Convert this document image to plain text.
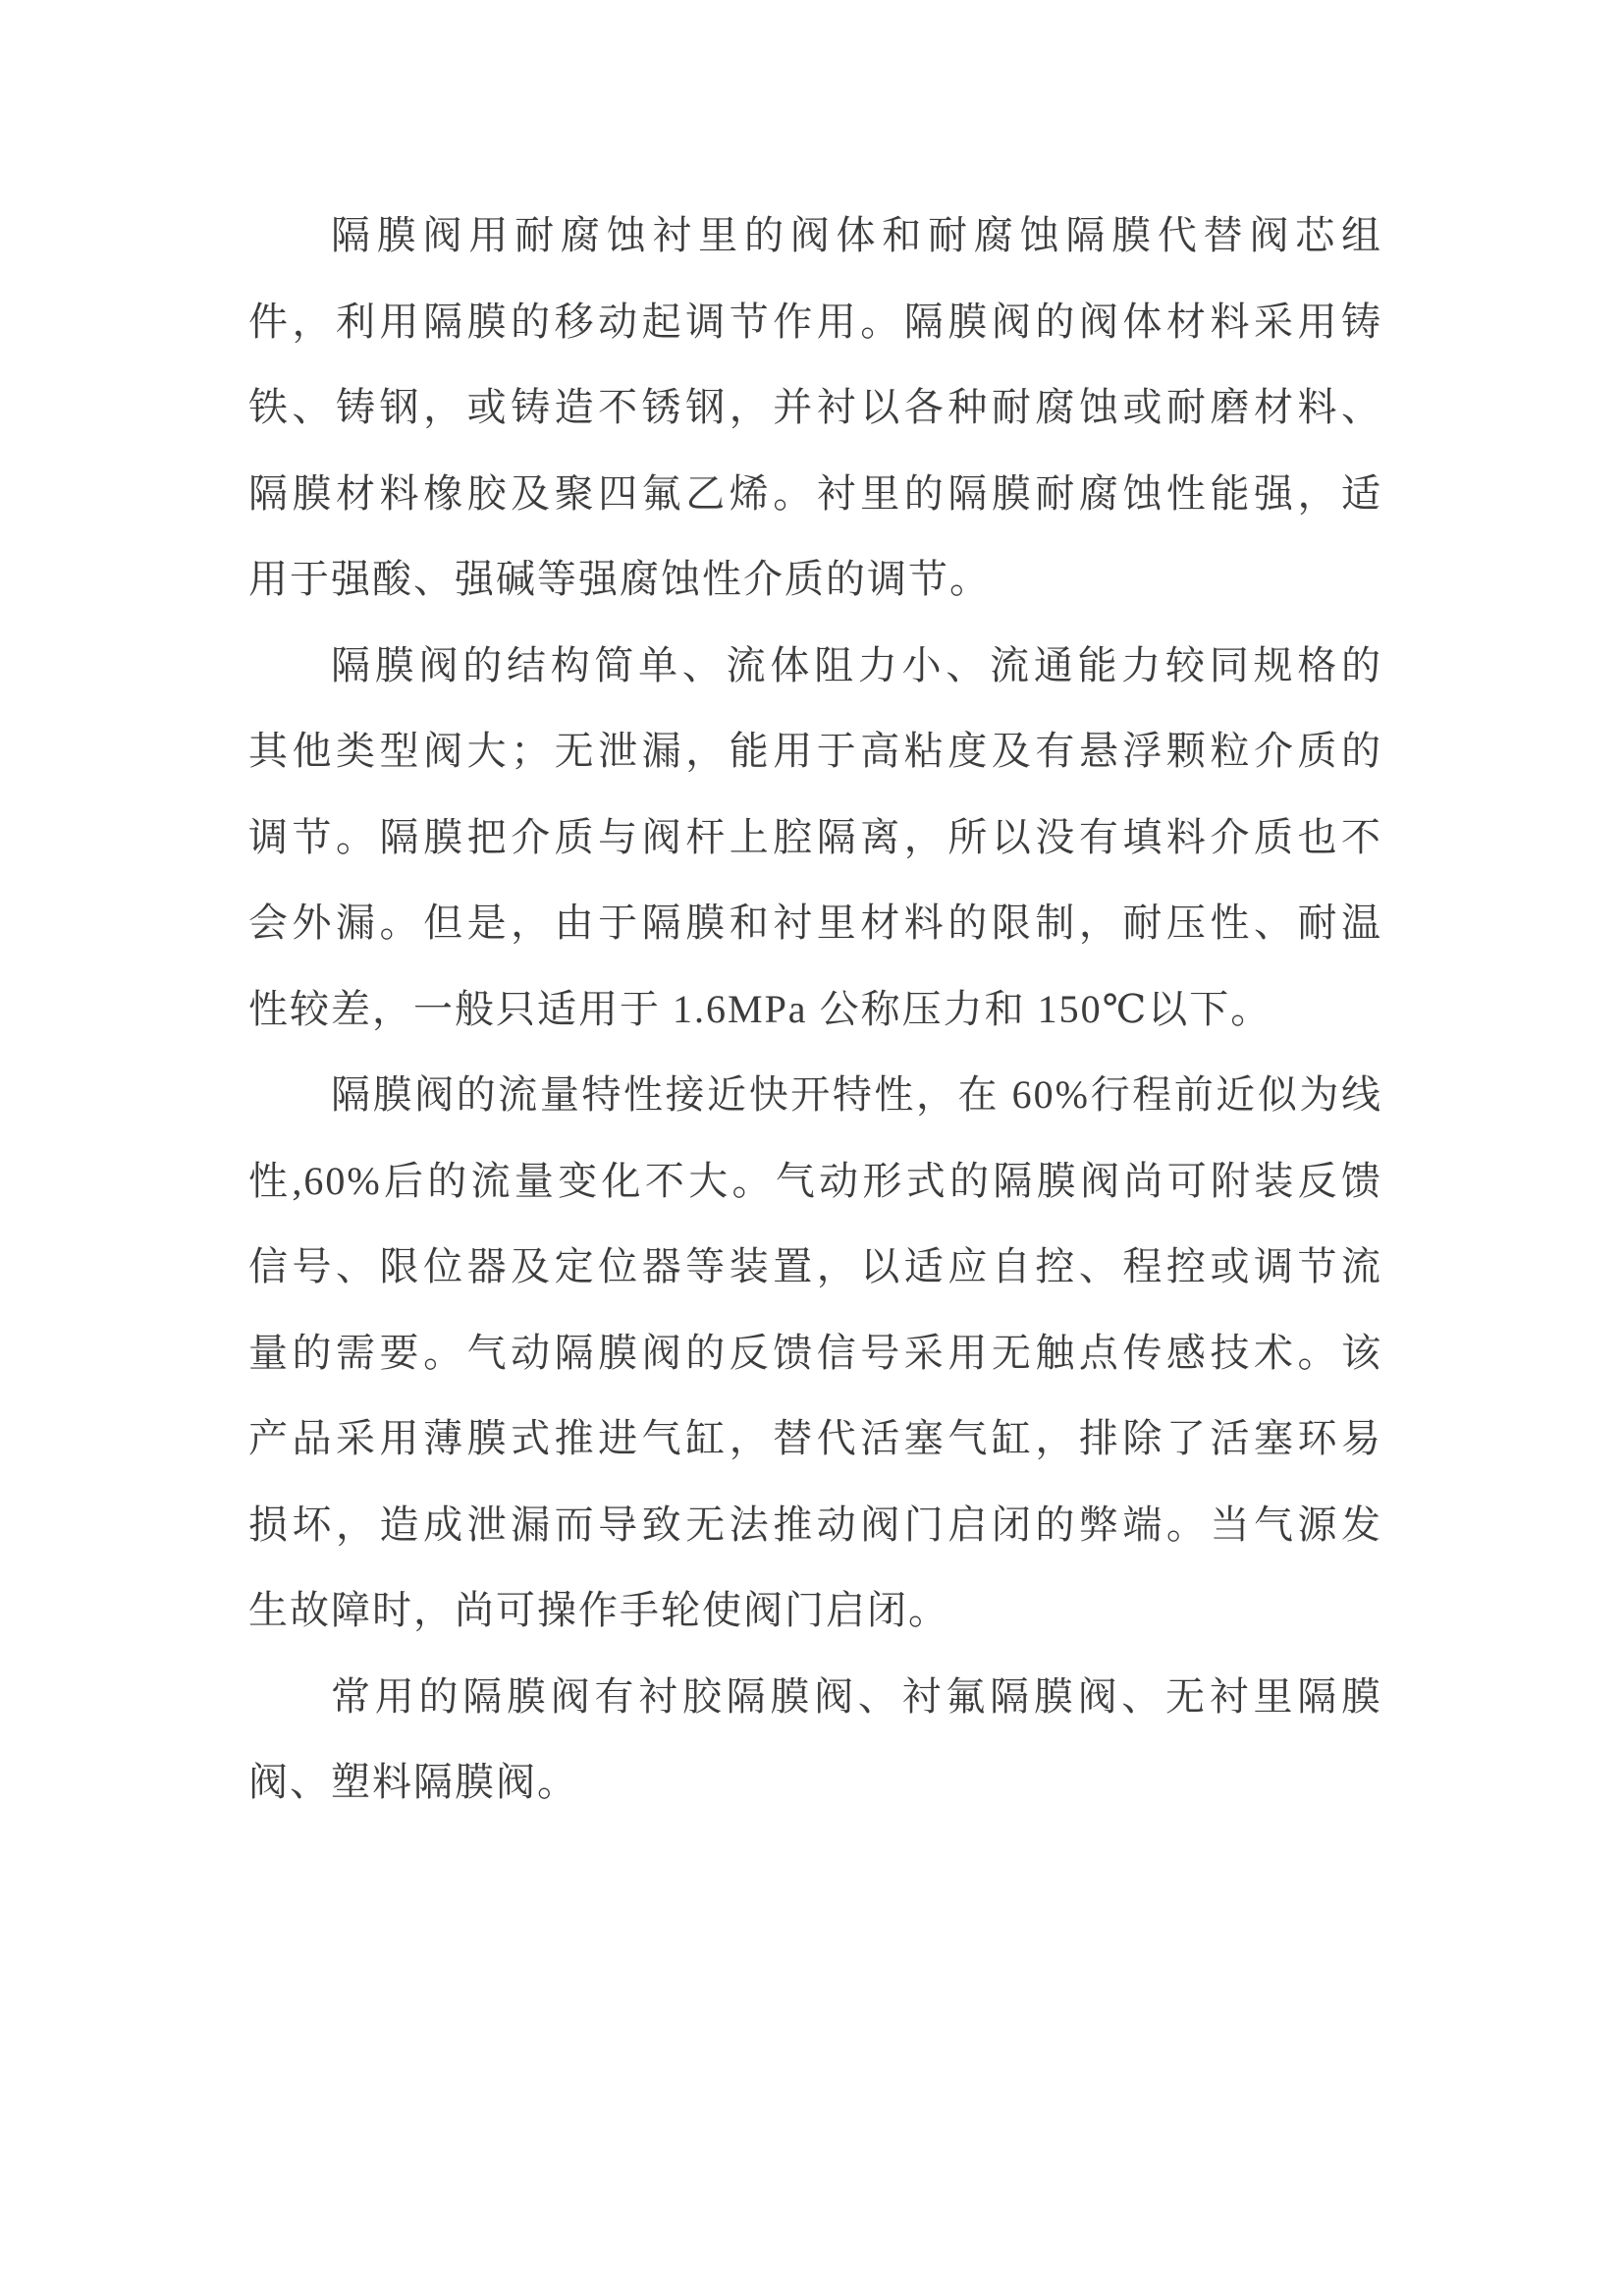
隔膜阀用耐腐蚀衬里的阀体和耐腐蚀隔膜代替阀芯组
件，利用隔膜的移动起调节作用。隔膜阀的阀体材料采用铸
铁、铸钢，或铸造不锈钢，并衬以各种耐腐蚀或耐磨材料、
隔膜材料橡胶及聚四氟乙烯。衬里的隔膜耐腐蚀性能强，适
用于强酸、强碱等强腐蚀性介质的调节。
隔膜阀的结构简单、流体阻力小、流通能力较同规格的
其他类型阀大；无泄漏，能用于高粘度及有悬浮颗粒介质的
调节。隔膜把介质与阀杆上腔隔离，所以没有填料介质也不
会外漏。但是，由于隔膜和衬里材料的限制，耐压性、耐温
性较差，一般只适用于 1.6MPa 公称压力和 150℃以下。
隔膜阀的流量特性接近快开特性，在 60%行程前近似为线
性,60%后的流量变化不大。气动形式的隔膜阀尚可附装反馈
信号、限位器及定位器等装置，以适应自控、程控或调节流
量的需要。气动隔膜阀的反馈信号采用无触点传感技术。该
产品采用薄膜式推进气缸，替代活塞气缸，排除了活塞环易
损坏，造成泄漏而导致无法推动阀门启闭的弊端。当气源发
生故障时，尚可操作手轮使阀门启闭。
常用的隔膜阀有衬胶隔膜阀、衬氟隔膜阀、无衬里隔膜
阀、塑料隔膜阀。
